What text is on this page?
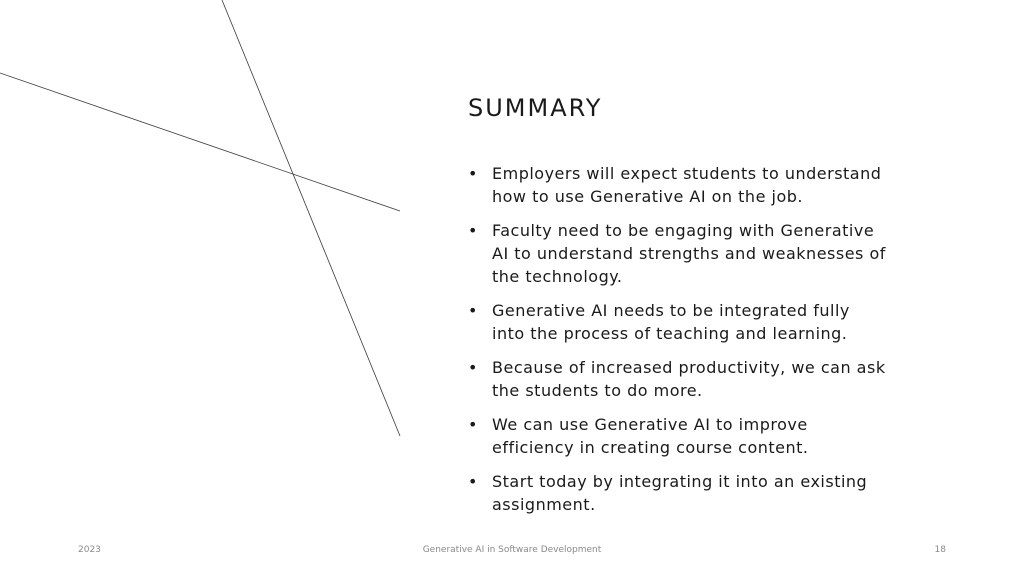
SUMMARY
• Employers will expect students to understand how to use Generative AI on the job.
• Faculty need to be engaging with Generative AI to understand strengths and weaknesses of the technology.
• Generative AI needs to be integrated fully into the process of teaching and learning.
• Because of increased productivity, we can ask the students to do more.
• We can use Generative AI to improve efficiency in creating course content.
• Start today by integrating it into an existing assignment.
2023	Generative AI in Software Development	18
